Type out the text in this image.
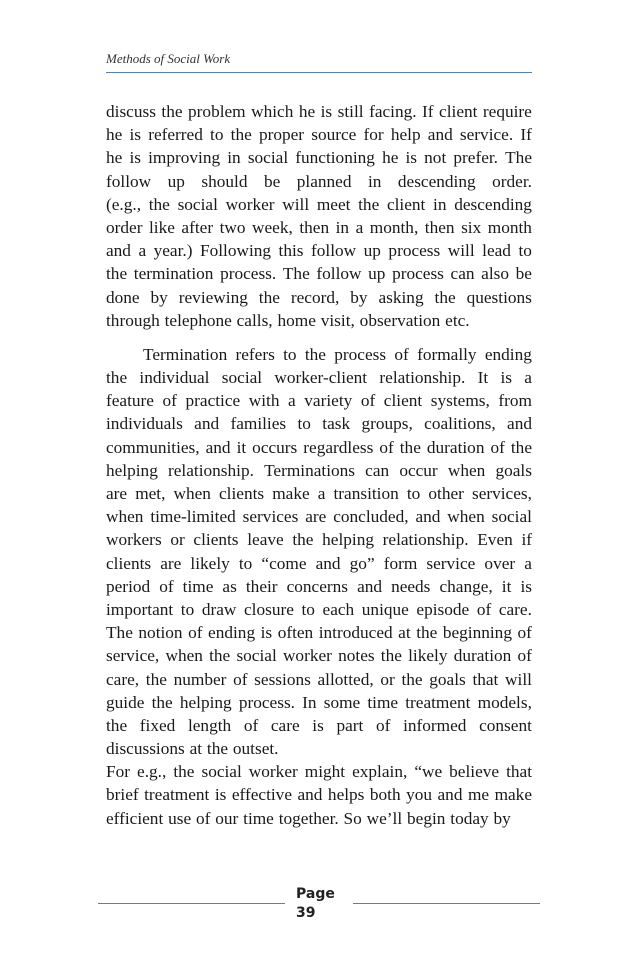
Methods of Social Work
discuss the problem which he is still facing. If client require
he is referred to the proper source for help and service. If
he is improving in social functioning he is not prefer. The
follow up should be planned in descending order.
(e.g., the social worker will meet the client in descending
order like after two week, then in a month, then six month
and a year.) Following this follow up process will lead to
the termination process. The follow up process can also be
done by reviewing the record, by asking the questions
through telephone calls, home visit, observation etc.
Termination refers to the process of formally ending
the individual social worker-client relationship. It is a
feature of practice with a variety of client systems, from
individuals and families to task groups, coalitions, and
communities, and it occurs regardless of the duration of the
helping relationship. Terminations can occur when goals
are met, when clients make a transition to other services,
when time-limited services are concluded, and when social
workers or clients leave the helping relationship. Even if
clients are likely to “come and go” form service over a
period of time as their concerns and needs change, it is
important to draw closure to each unique episode of care.
The notion of ending is often introduced at the beginning of
service, when the social worker notes the likely duration of
care, the number of sessions allotted, or the goals that will
guide the helping process. In some time treatment models,
the fixed length of care is part of informed consent
discussions at the outset.
For e.g., the social worker might explain, “we believe that
brief treatment is effective and helps both you and me make
efficient use of our time together. So we’ll begin today by
Page
39
